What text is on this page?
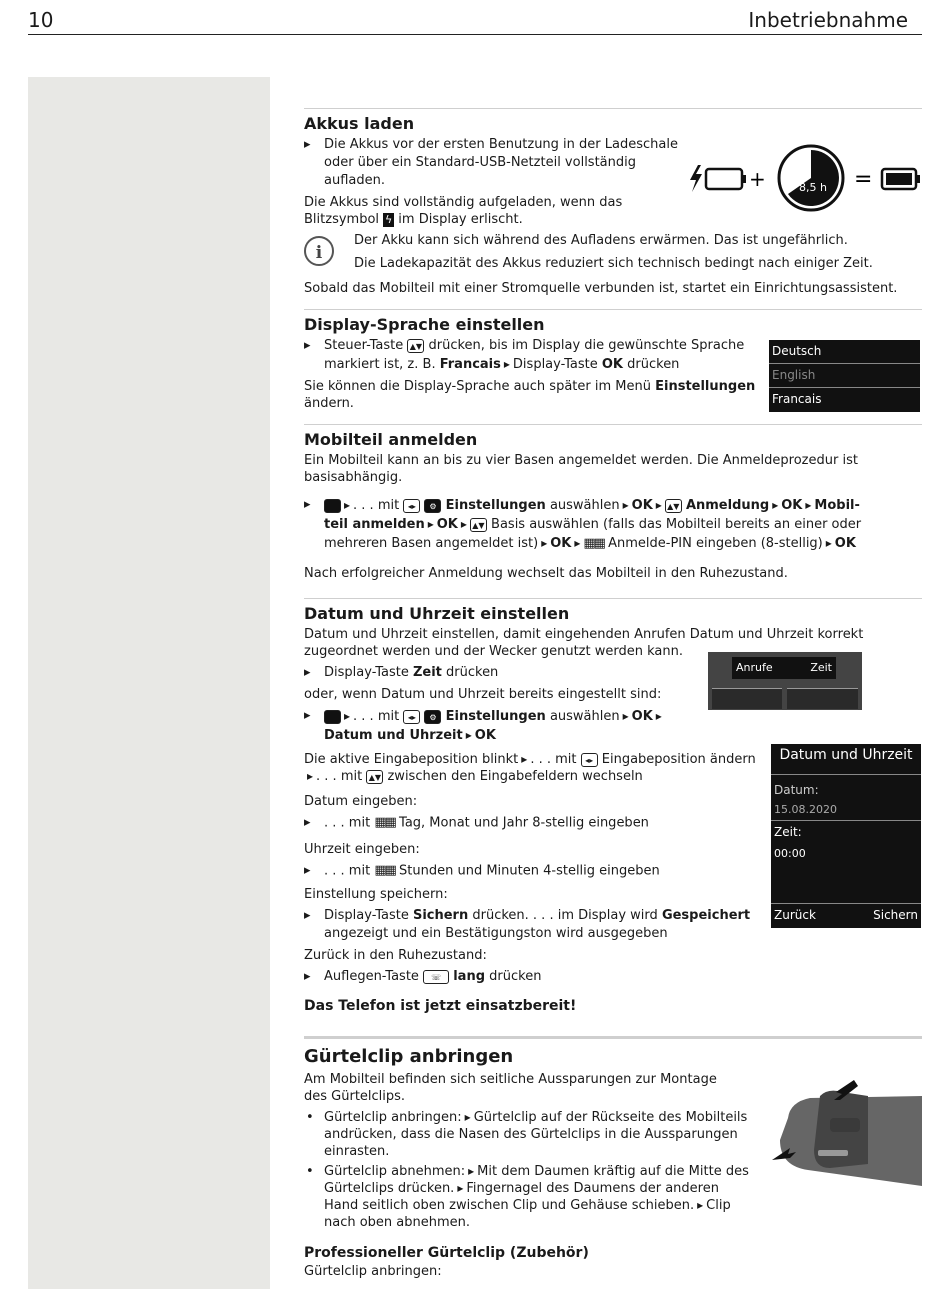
10	Inbetriebnahme
+	8,5 h =
Deutsch
English
Francais
Anrufe	Zeit
Datum und Uhrzeit
Datum:
15.08.2020
Zeit:
00:00
Zurück	Sichern
Akkus laden
▸ Die Akkus vor der ersten Benutzung in der Ladeschale oder über ein Standard-USB-Netzteil vollständig aufladen.

Die Akkus sind vollständig aufgeladen, wenn das Blitzsymbol ϟ im Display erlischt.

i

Der Akku kann sich während des Aufladens erwärmen. Das ist ungefährlich.

Die Ladekapazität des Akkus reduziert sich technisch bedingt nach einiger Zeit.

Sobald das Mobilteil mit einer Stromquelle verbunden ist, startet ein Einrichtungsassistent.

Display-Sprache einstellen
▸ Steuer-Taste ▲▼ drücken, bis im Display die gewünschte Sprache markiert ist, z. B. Francais ▸ Display-Taste OK drücken

Sie können die Display-Sprache auch später im Menü Einstellungen ändern.

Mobilteil anmelden

Ein Mobilteil kann an bis zu vier Basen angemeldet werden. Die Anmeldeprozedur ist basisabhängig.

▸ ▸ . . . mit ◂▸ ⚙ Einstellungen auswählen ▸ OK ▸ ▲▼ Anmeldung ▸ OK ▸ Mobil-teil anmelden ▸ OK ▸ ▲▼ Basis auswählen (falls das Mobilteil bereits an einer oder mehreren Basen angemeldet ist) ▸ OK ▸ ▦▦ Anmelde-PIN eingeben (8-stellig) ▸ OK

Nach erfolgreicher Anmeldung wechselt das Mobilteil in den Ruhezustand.

Datum und Uhrzeit einstellen

Datum und Uhrzeit einstellen, damit eingehenden Anrufen Datum und Uhrzeit korrekt zugeordnet werden und der Wecker genutzt werden kann.

▸ Display-Taste Zeit drücken

oder, wenn Datum und Uhrzeit bereits eingestellt sind:

▸ ▸ . . . mit ◂▸ ⚙ Einstellungen auswählen ▸ OK ▸ Datum und Uhrzeit ▸ OK

Die aktive Eingabeposition blinkt ▸ . . . mit ◂▸ Eingabeposition ändern▸ . . . mit ▲▼ zwischen den Eingabefeldern wechseln

Datum eingeben:

▸ . . . mit ▦▦ Tag, Monat und Jahr 8-stellig eingeben

Uhrzeit eingeben:

▸ . . . mit ▦▦ Stunden und Minuten 4-stellig eingeben

Einstellung speichern:

▸ Display-Taste Sichern drücken. . . . im Display wird Gespeichert angezeigt und ein Bestätigungston wird ausgegeben

Zurück in den Ruhezustand:

▸ Auflegen-Taste ☏ lang drücken
Das Telefon ist jetzt einsatzbereit!
Gürtelclip anbringen

Am Mobilteil befinden sich seitliche Aussparungen zur Montage des Gürtelclips.

• Gürtelclip anbringen: ▸ Gürtelclip auf der Rückseite des Mobilteils andrücken, dass die Nasen des Gürtelclips in die Aussparungen einrasten.
• Gürtelclip abnehmen: ▸ Mit dem Daumen kräftig auf die Mitte des Gürtelclips drücken. ▸ Fingernagel des Daumens der anderen Hand seitlich oben zwischen Clip und Gehäuse schieben. ▸ Clip nach oben abnehmen.
Professioneller Gürtelclip (Zubehör)

Gürtelclip anbringen:
